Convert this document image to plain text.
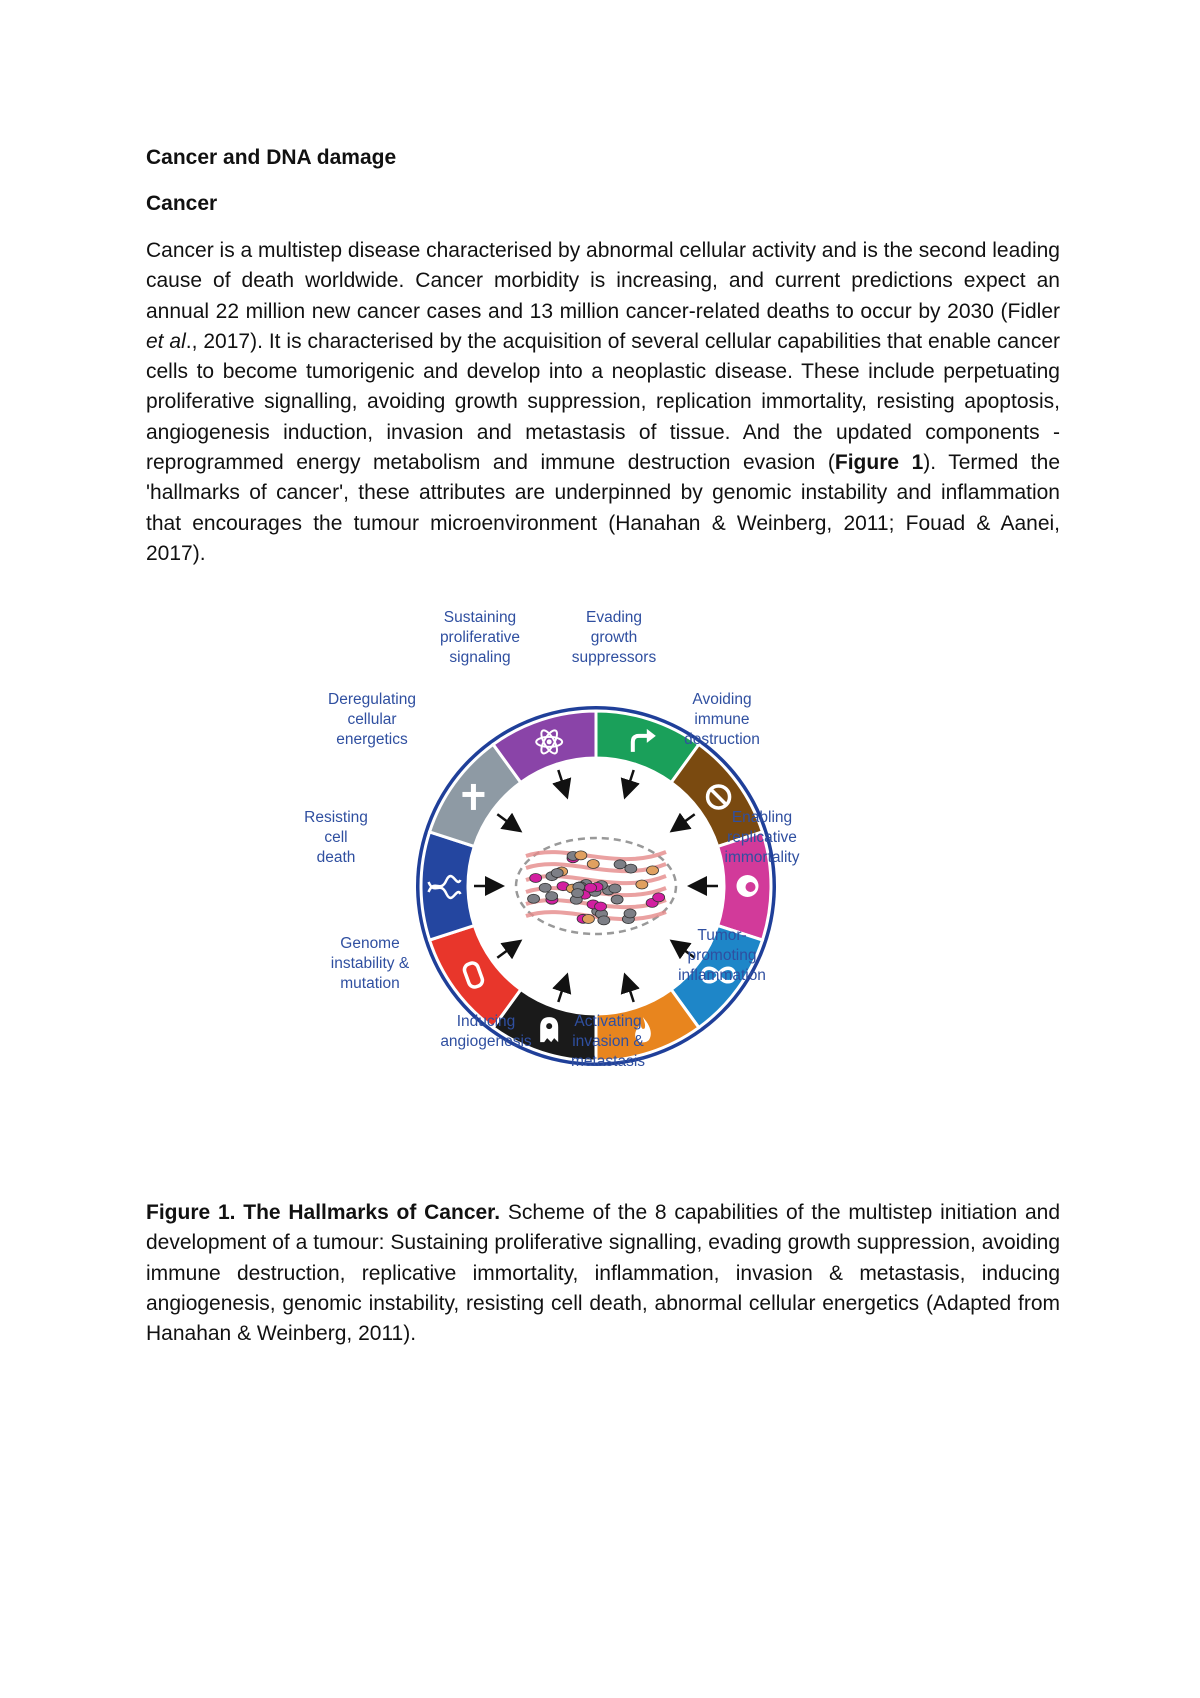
Cancer and DNA damage
Cancer

Cancer is a multistep disease characterised by abnormal cellular activity and is the second leading cause of death worldwide. Cancer morbidity is increasing, and current predictions expect an annual 22 million new cancer cases and 13 million cancer-related deaths to occur by 2030 (Fidler et al., 2017). It is characterised by the acquisition of several cellular capabilities that enable cancer cells to become tumorigenic and develop into a neoplastic disease. These include perpetuating proliferative signalling, avoiding growth suppression, replication immortality, resisting apoptosis, angiogenesis induction, invasion and metastasis of tissue. And the updated components - reprogrammed energy metabolism and immune destruction evasion (Figure 1). Termed the 'hallmarks of cancer', these attributes are underpinned by genomic instability and inflammation that encourages the tumour microenvironment (Hanahan & Weinberg, 2011; Fouad & Aanei, 2017).

Figure 1. The Hallmarks of Cancer. Scheme of the 8 capabilities of the multistep initiation and development of a tumour: Sustaining proliferative signalling, evading growth suppression, avoiding immune destruction, replicative immortality, inflammation, invasion & metastasis, inducing angiogenesis, genomic instability, resisting cell death, abnormal cellular energetics (Adapted from Hanahan & Weinberg, 2011).

Sustaining
proliferative
signaling
Evading
growth
suppressors
Avoiding
immune
destruction
Enabling
replicative
immortality
Tumor-
promoting
inflammation
Activating
invasion &
metastasis
Inducing
angiogenesis
Genome
instability &
mutation
Resisting
cell
death
Deregulating
cellular
energetics
